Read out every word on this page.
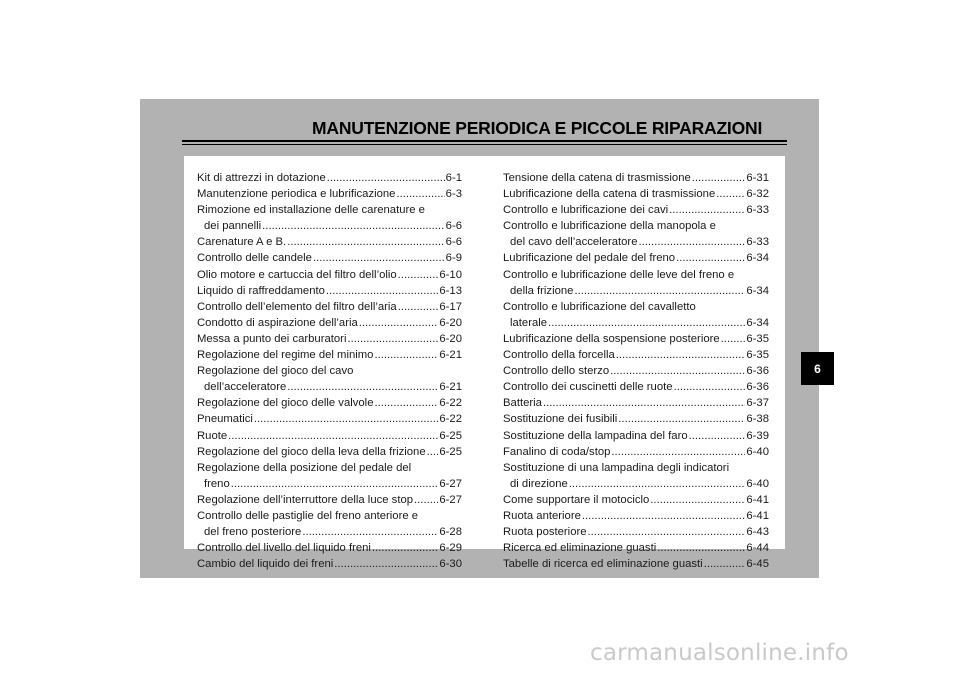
MANUTENZIONE PERIODICA E PICCOLE RIPARAZIONI
Kit di attrezzi in dotazione .....	6-1
Manutenzione periodica e lubrificazione .....	6-3
Rimozione ed installazione delle carenature e
dei pannelli .....	6-6
Carenature A e B. .....	6-6
Controllo delle candele .....	6-9
Olio motore e cartuccia del filtro dell’olio .....	6-10
Liquido di raffreddamento .....	6-13
Controllo dell’elemento del filtro dell’aria .....	6-17
Condotto di aspirazione dell’aria .....	6-20
Messa a punto dei carburatori .....	6-20
Regolazione del regime del minimo .....	6-21
Regolazione del gioco del cavo
dell’acceleratore .....	6-21
Regolazione del gioco delle valvole .....	6-22
Pneumatici .....	6-22
Ruote .....	6-25
Regolazione del gioco della leva della frizione ..... 6-25
Regolazione della posizione del pedale del
freno .....	6-27
Regolazione dell’interruttore della luce stop ..... 6-27
Controllo delle pastiglie del freno anteriore e
del freno posteriore .....	6-28
Controllo del livello del liquido freni .....	6-29
Cambio del liquido dei freni .....	6-30
Tensione della catena di trasmissione .....	6-31
Lubrificazione della catena di trasmissione .....	6-32
Controllo e lubrificazione dei cavi .....	6-33
Controllo e lubrificazione della manopola e
del cavo dell’acceleratore .....	6-33
Lubrificazione del pedale del freno .....	6-34
Controllo e lubrificazione delle leve del freno e
della frizione .....	6-34
Controllo e lubrificazione del cavalletto
laterale .....	6-34
Lubrificazione della sospensione posteriore ..... 6-35
Controllo della forcella .....	6-35
Controllo dello sterzo .....	6-36
Controllo dei cuscinetti delle ruote .....	6-36
Batteria .....	6-37
Sostituzione dei fusibili .....	6-38
Sostituzione della lampadina del faro .....	6-39
Fanalino di coda/stop .....	6-40
Sostituzione di una lampadina degli indicatori
di direzione .....	6-40
Come supportare il motociclo .....	6-41
Ruota anteriore .....	6-41
Ruota posteriore .....	6-43
Ricerca ed eliminazione guasti .....	6-44
Tabelle di ricerca ed eliminazione guasti .....	6-45
6
carmanualsonline.info
